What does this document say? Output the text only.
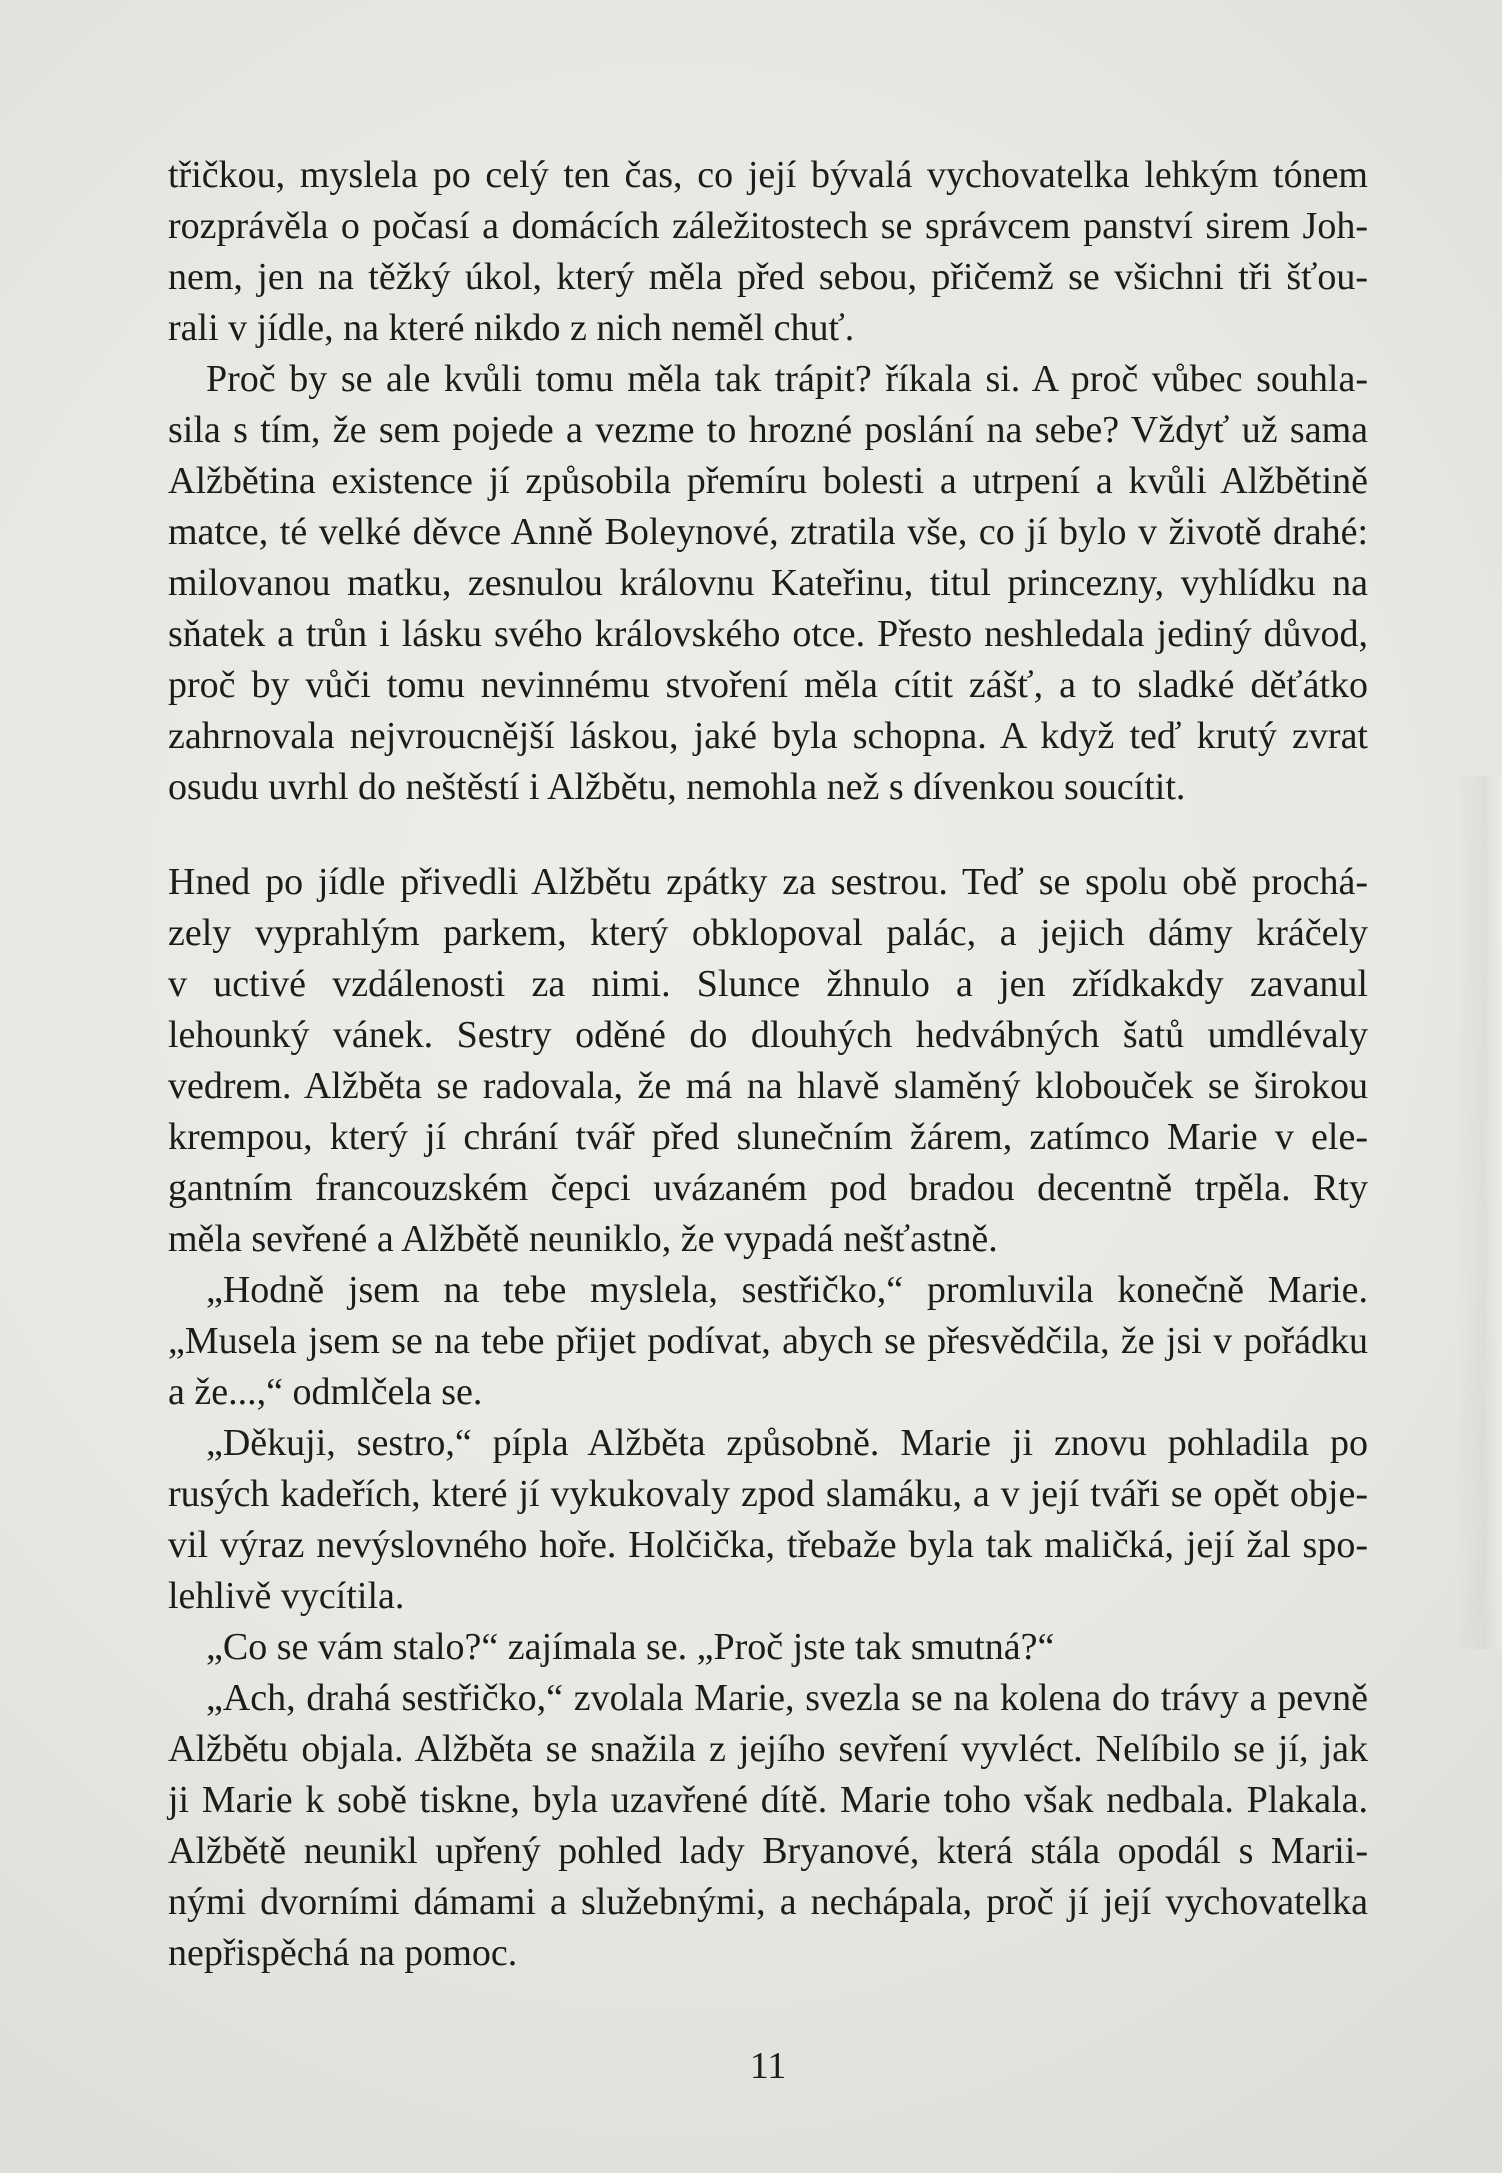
třičkou, myslela po celý ten čas, co její bývalá vychovatelka lehkým tónem
rozprávěla o počasí a domácích záležitostech se správcem panství sirem Joh-
nem, jen na těžký úkol, který měla před sebou, přičemž se všichni tři šťou-
rali v jídle, na které nikdo z nich neměl chuť.
Proč by se ale kvůli tomu měla tak trápit? říkala si. A proč vůbec souhla-
sila s tím, že sem pojede a vezme to hrozné poslání na sebe? Vždyť už sama
Alžbětina existence jí způsobila přemíru bolesti a utrpení a kvůli Alžbětině
matce, té velké děvce Anně Boleynové, ztratila vše, co jí bylo v životě drahé:
milovanou matku, zesnulou královnu Kateřinu, titul princezny, vyhlídku na
sňatek a trůn i lásku svého královského otce. Přesto neshledala jediný důvod,
proč by vůči tomu nevinnému stvoření měla cítit zášť, a to sladké děťátko
zahrnovala nejvroucnější láskou, jaké byla schopna. A když teď krutý zvrat
osudu uvrhl do neštěstí i Alžbětu, nemohla než s dívenkou soucítit.
Hned po jídle přivedli Alžbětu zpátky za sestrou. Teď se spolu obě prochá-
zely vyprahlým parkem, který obklopoval palác, a jejich dámy kráčely
v uctivé vzdálenosti za nimi. Slunce žhnulo a jen zřídkakdy zavanul
lehounký vánek. Sestry oděné do dlouhých hedvábných šatů umdlévaly
vedrem. Alžběta se radovala, že má na hlavě slaměný klobouček se širokou
krempou, který jí chrání tvář před slunečním žárem, zatímco Marie v ele-
gantním francouzském čepci uvázaném pod bradou decentně trpěla. Rty
měla sevřené a Alžbětě neuniklo, že vypadá nešťastně.
„Hodně jsem na tebe myslela, sestřičko,“ promluvila konečně Marie.
„Musela jsem se na tebe přijet podívat, abych se přesvědčila, že jsi v pořádku
a že...,“ odmlčela se.
„Děkuji, sestro,“ pípla Alžběta způsobně. Marie ji znovu pohladila po
rusých kadeřích, které jí vykukovaly zpod slamáku, a v její tváři se opět obje-
vil výraz nevýslovného hoře. Holčička, třebaže byla tak maličká, její žal spo-
lehlivě vycítila.
„Co se vám stalo?“ zajímala se. „Proč jste tak smutná?“
„Ach, drahá sestřičko,“ zvolala Marie, svezla se na kolena do trávy a pevně
Alžbětu objala. Alžběta se snažila z jejího sevření vyvléct. Nelíbilo se jí, jak
ji Marie k sobě tiskne, byla uzavřené dítě. Marie toho však nedbala. Plakala.
Alžbětě neunikl upřený pohled lady Bryanové, která stála opodál s Marii-
nými dvorními dámami a služebnými, a nechápala, proč jí její vychovatelka
nepřispěchá na pomoc.
11
